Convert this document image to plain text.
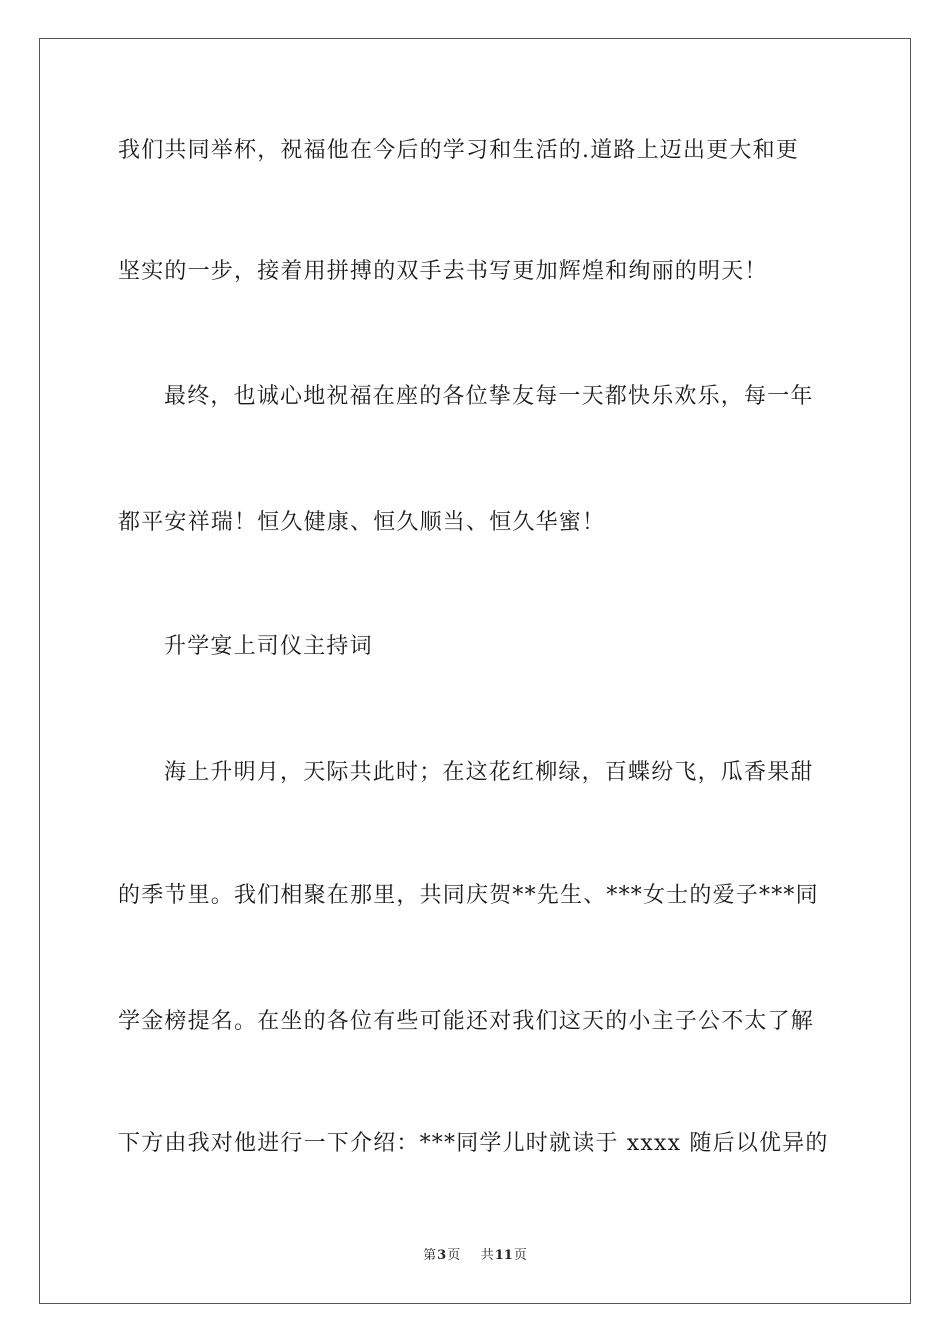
我们共同举杯，祝福他在今后的学习和生活的.道路上迈出更大和更
坚实的一步，接着用拼搏的双手去书写更加辉煌和绚丽的明天！
最终，也诚心地祝福在座的各位挚友每一天都快乐欢乐，每一年
都平安祥瑞！恒久健康、恒久顺当、恒久华蜜！
升学宴上司仪主持词
海上升明月，天际共此时；在这花红柳绿，百蝶纷飞，瓜香果甜
的季节里。我们相聚在那里，共同庆贺**先生、***女士的爱子***同
学金榜提名。在坐的各位有些可能还对我们这天的小主子公不太了解
下方由我对他进行一下介绍：***同学儿时就读于 xxxx 随后以优异的
第3页 共11页
